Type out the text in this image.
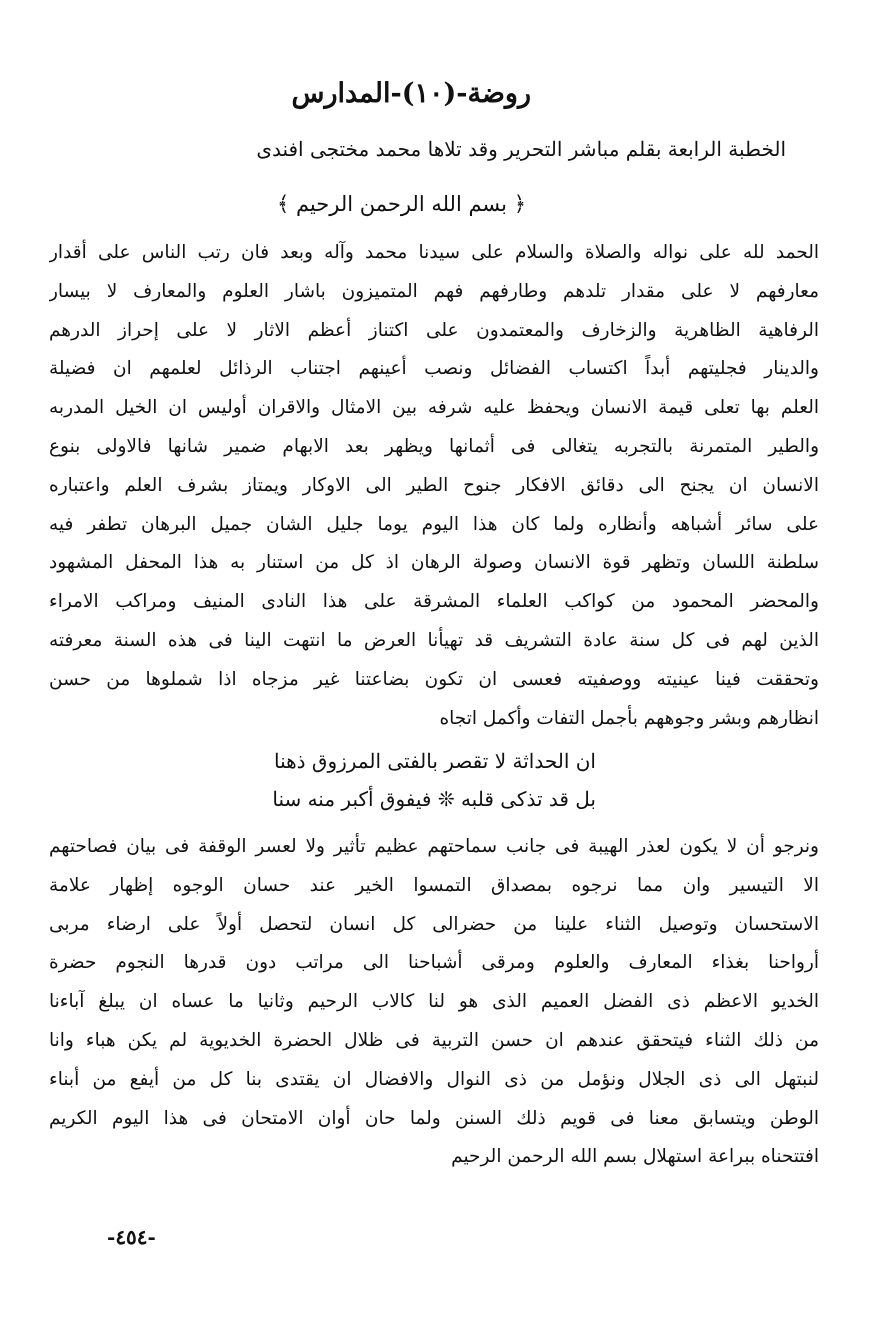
روضة-(١٠)-المدارس
الخطبة الرابعة بقلم مباشر التحرير وقد تلاها محمد مختجى افندى
﴿ بسم الله الرحمن الرحيم ﴾
الحمد لله على نواله والصلاة والسلام على سيدنا محمد وآله وبعد فان رتب الناس على أقدار
معارفهم لا على مقدار تلدهم وطارفهم فهم المتميزون باشار العلوم والمعارف لا بيسار
الرفاهية الظاهرية والزخارف والمعتمدون على اكتناز أعظم الاثار لا على إحراز الدرهم
والدينار فجليتهم أبداً اكتساب الفضائل ونصب أعينهم اجتناب الرذائل لعلمهم ان فضيلة
العلم بها تعلى قيمة الانسان ويحفظ عليه شرفه بين الامثال والاقران أوليس ان الخيل المدربه
والطير المتمرنة بالتجربه يتغالى فى أثمانها ويظهر بعد الابهام ضمير شانها فالاولى بنوع
الانسان ان يجنح الى دقائق الافكار جنوح الطير الى الاوكار ويمتاز بشرف العلم واعتباره
على سائر أشباهه وأنظاره ولما كان هذا اليوم يوما جليل الشان جميل البرهان تطفر فيه
سلطنة اللسان وتظهر قوة الانسان وصولة الرهان اذ كل من استنار به هذا المحفل المشهود
والمحضر المحمود من كواكب العلماء المشرقة على هذا النادى المنيف ومراكب الامراء
الذين لهم فى كل سنة عادة التشريف قد تهيأنا العرض ما انتهت الينا فى هذه السنة معرفته
وتحققت فينا عينيته ووصفيته فعسى ان تكون بضاعتنا غير مزجاه اذا شملوها من حسن
انظارهم وبشر وجوههم بأجمل التفات وأكمل اتجاه
ان الحداثة لا تقصر بالفتى المرزوق ذهنا
بل قد تذكى قلبه ❊ فيفوق أكبر منه سنا
ونرجو أن لا يكون لعذر الهيبة فى جانب سماحتهم عظيم تأثير ولا لعسر الوقفة فى بيان فصاحتهم
الا التيسير وان مما نرجوه بمصداق التمسوا الخير عند حسان الوجوه إظهار علامة
الاستحسان وتوصيل الثناء علينا من حضرالى كل انسان لتحصل أولاً على ارضاء مربى
أرواحنا بغذاء المعارف والعلوم ومرقى أشباحنا الى مراتب دون قدرها النجوم حضرة
الخديو الاعظم ذى الفضل العميم الذى هو لنا كالاب الرحيم وثانيا ما عساه ان يبلغ آباءنا
من ذلك الثناء فيتحقق عندهم ان حسن التربية فى ظلال الحضرة الخديوية لم يكن هباء وانا
لنبتهل الى ذى الجلال ونؤمل من ذى النوال والافضال ان يقتدى بنا كل من أيفع من أبناء
الوطن ويتسابق معنا فى قويم ذلك السنن ولما حان أوان الامتحان فى هذا اليوم الكريم
افتتحناه ببراعة استهلال بسم الله الرحمن الرحيم
-٤٥٤-
